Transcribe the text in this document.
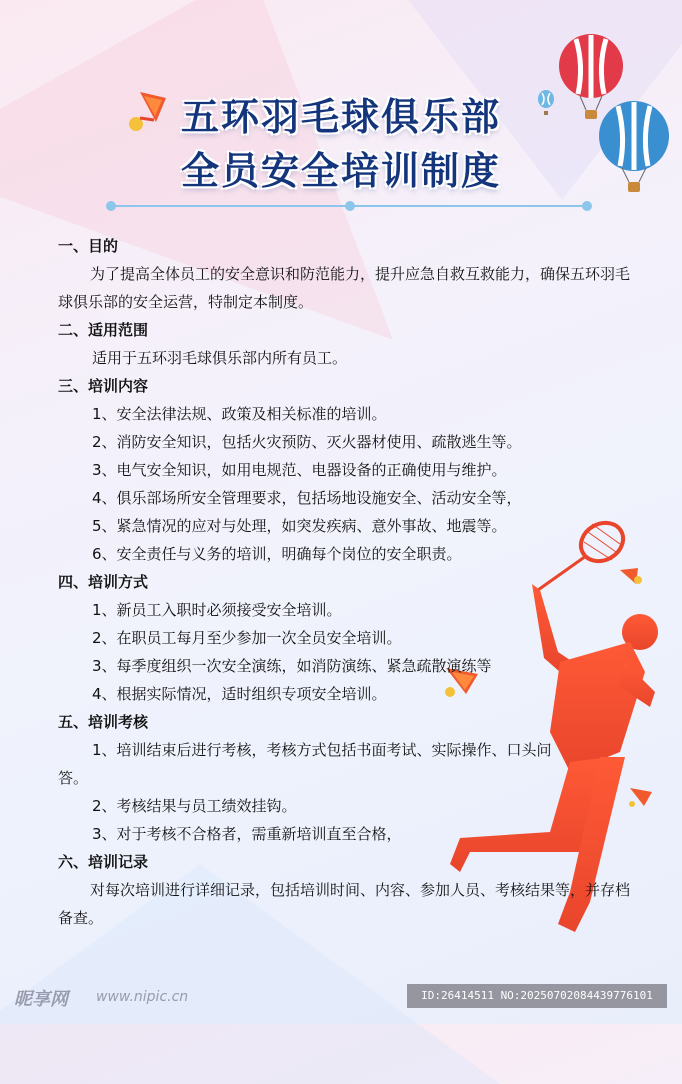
五环羽毛球俱乐部
全员安全培训制度

一、目的

为了提高全体员工的安全意识和防范能力，提升应急自救互救能力，确保五环羽毛球俱乐部的安全运营，特制定本制度。

二、适用范围

适用于五环羽毛球俱乐部内所有员工。

三、培训内容

1、安全法律法规、政策及相关标准的培训。

2、消防安全知识，包括火灾预防、灭火器材使用、疏散逃生等。

3、电气安全知识，如用电规范、电器设备的正确使用与维护。

4、俱乐部场所安全管理要求，包括场地设施安全、活动安全等，

5、紧急情况的应对与处理，如突发疾病、意外事故、地震等。

6、安全责任与义务的培训，明确每个岗位的安全职责。

四、培训方式

1、新员工入职时必须接受安全培训。

2、在职员工每月至少参加一次全员安全培训。

3、每季度组织一次安全演练，如消防演练、紧急疏散演练等

4、根据实际情况，适时组织专项安全培训。

五、培训考核

1、培训结束后进行考核，考核方式包括书面考试、实际操作、口头问

答。

2、考核结果与员工绩效挂钩。

3、对于考核不合格者，需重新培训直至合格，

六、培训记录

对每次培训进行详细记录，包括培训时间、内容、参加人员、考核结果等，并存档备查。

昵享网 www.nipic.cn	ID:26414511 NO:20250702084439776101
